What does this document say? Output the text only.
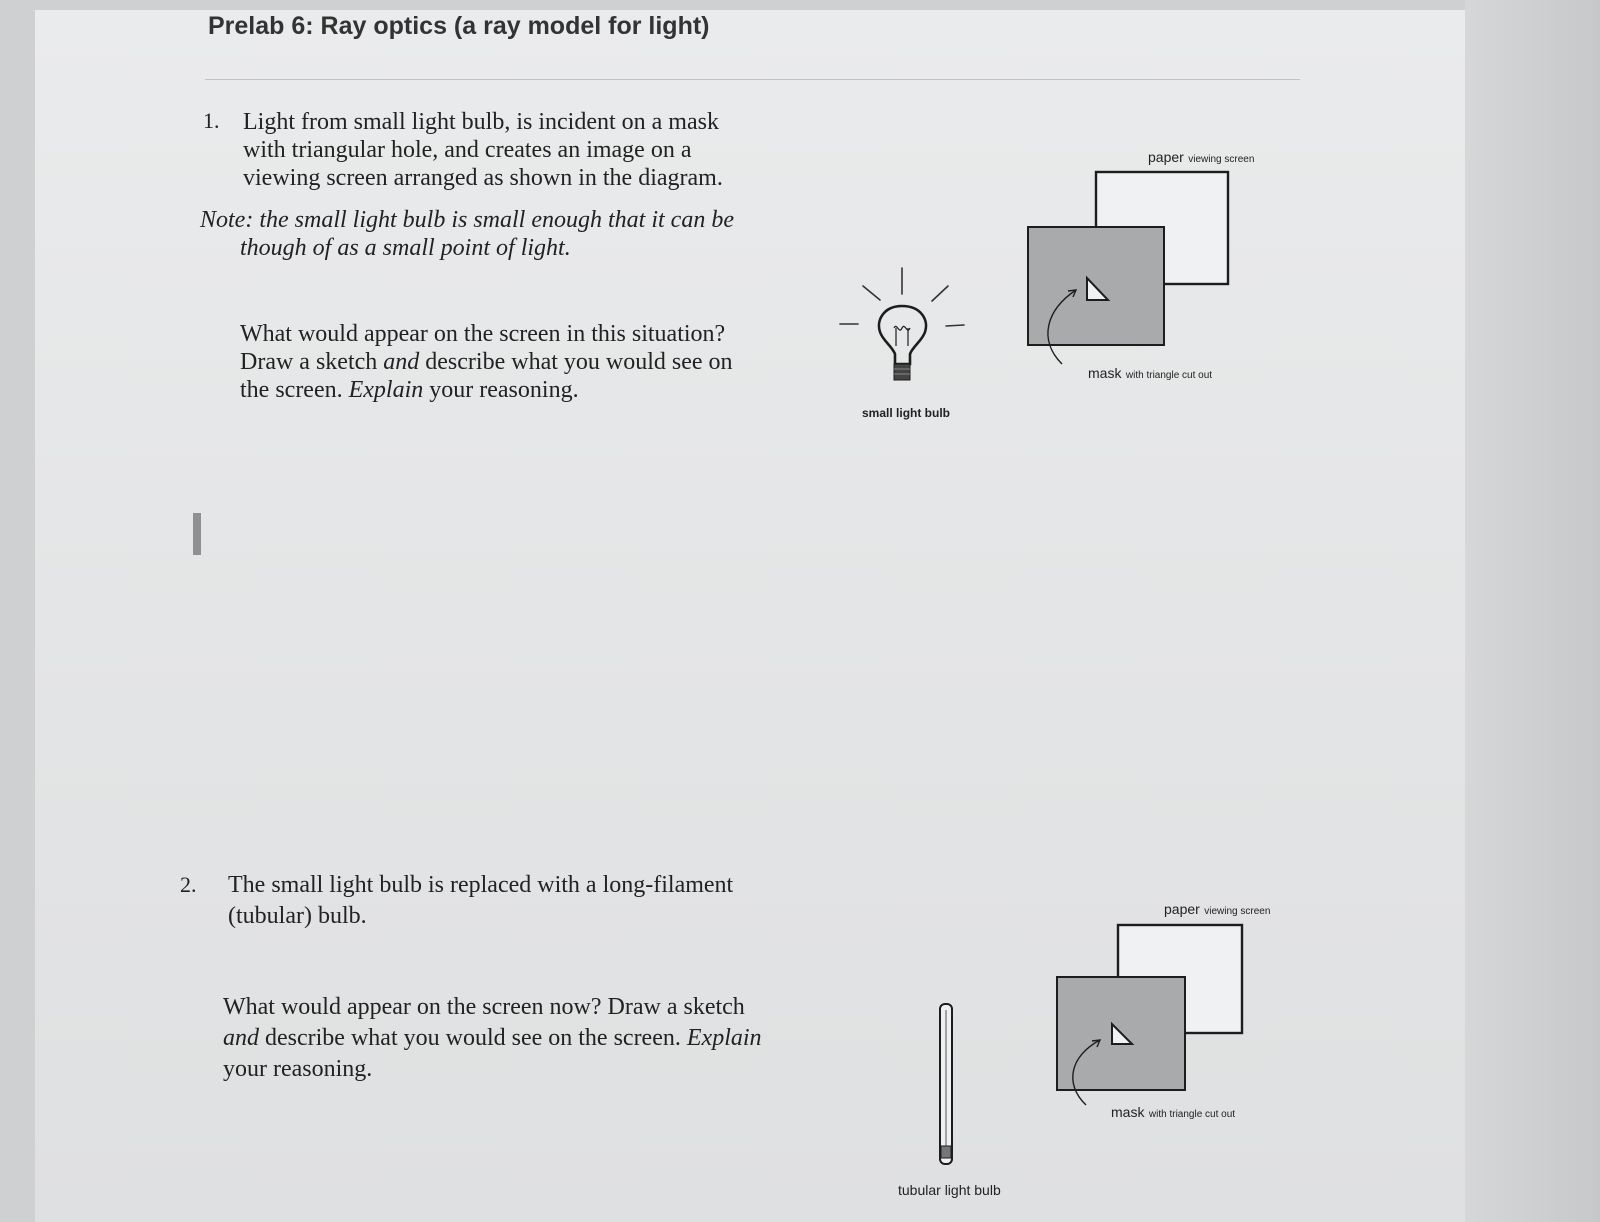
Prelab 6: Ray optics (a ray model for light)
1. Light from small light bulb, is incident on a mask
with triangular hole, and creates an image on a
viewing screen arranged as shown in the diagram.
Note: the small light bulb is small enough that it can be
though of as a small point of light.
What would appear on the screen in this situation?
Draw a sketch and describe what you would see on
the screen. Explain your reasoning.
paper viewing screen
mask with triangle cut out
small light bulb
2. The small light bulb is replaced with a long-filament
(tubular) bulb.
What would appear on the screen now? Draw a sketch
and describe what you would see on the screen. Explain
your reasoning.
paper viewing screen
mask with triangle cut out
tubular light bulb
